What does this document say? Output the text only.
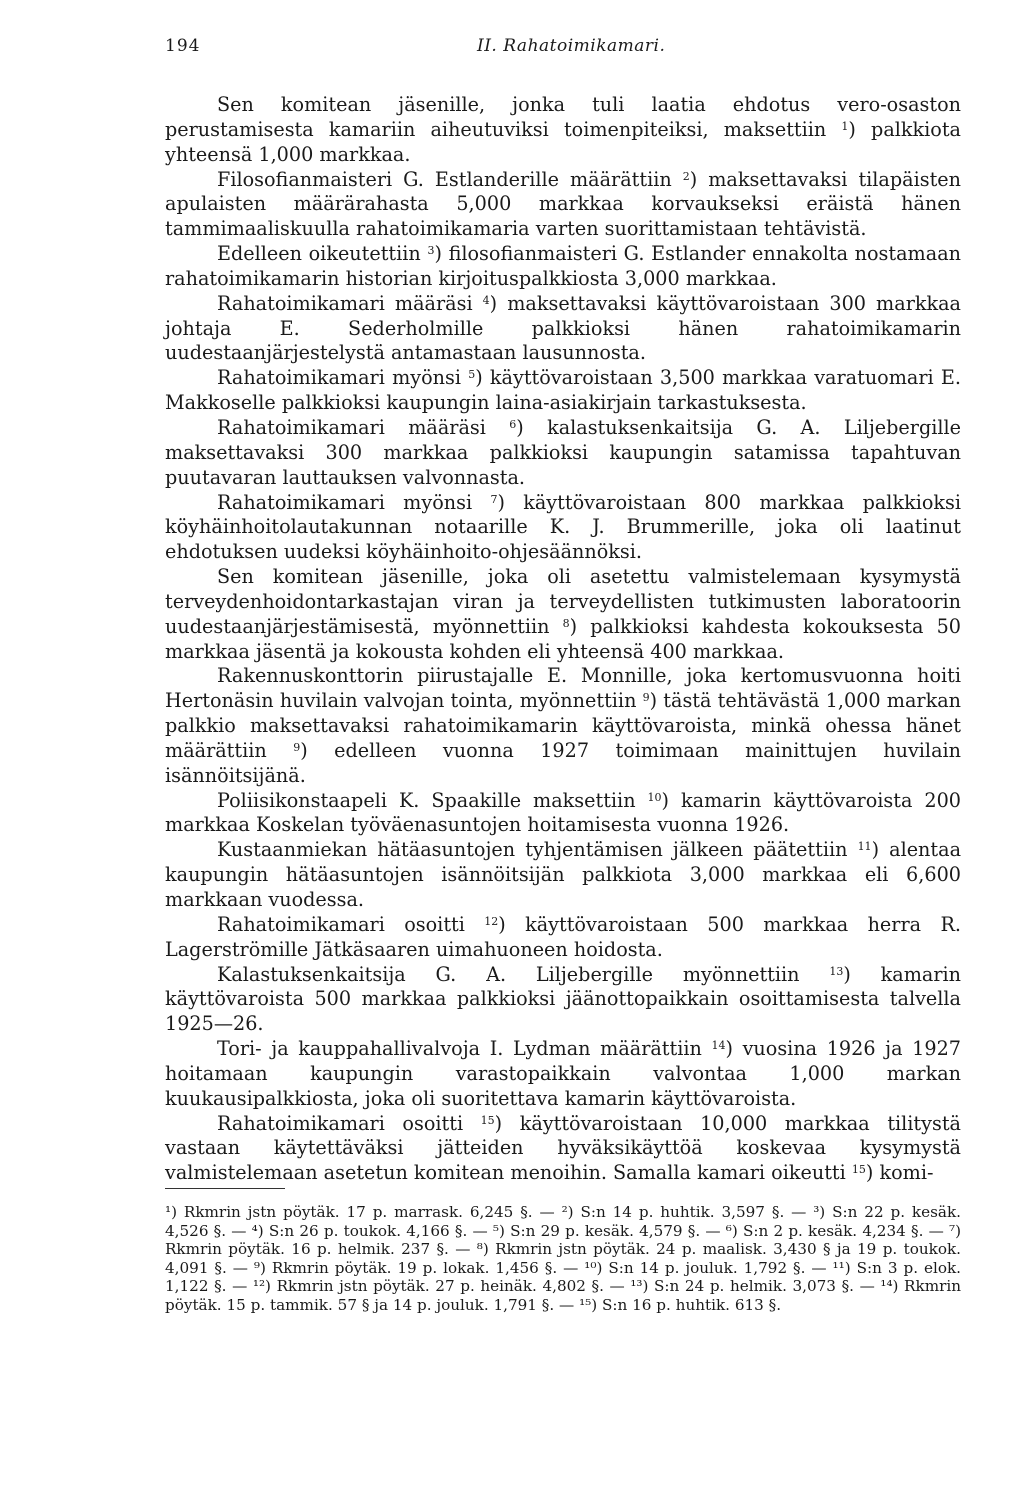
194	II. Rahatoimikamari.

Sen komitean jäsenille, jonka tuli laatia ehdotus vero-osaston perustamisesta kamariin aiheutuviksi toimenpiteiksi, maksettiin $^1$) palkkiota yhteensä 1,000 markkaa.

Filosofianmaisteri G. Estlanderille määrättiin $^2$) maksettavaksi tilapäisten apulaisten määrärahasta 5,000 markkaa korvaukseksi eräistä hänen tammimaaliskuulla rahatoimikamaria varten suorittamistaan tehtävistä.

Edelleen oikeutettiin $^3$) filosofianmaisteri G. Estlander ennakolta nostamaan rahatoimikamarin historian kirjoituspalkkiosta 3,000 markkaa.

Rahatoimikamari määräsi $^4$) maksettavaksi käyttövaroistaan 300 markkaa johtaja E. Sederholmille palkkioksi hänen rahatoimikamarin uudestaanjärjestelystä antamastaan lausunnosta.

Rahatoimikamari myönsi $^5$) käyttövaroistaan 3,500 markkaa varatuomari E. Makkoselle palkkioksi kaupungin laina-asiakirjain tarkastuksesta.

Rahatoimikamari määräsi $^6$) kalastuksenkaitsija G. A. Liljebergille maksettavaksi 300 markkaa palkkioksi kaupungin satamissa tapahtuvan puutavaran lauttauksen valvonnasta.

Rahatoimikamari myönsi $^7$) käyttövaroistaan 800 markkaa palkkioksi köyhäinhoitolautakunnan notaarille K. J. Brummerille, joka oli laatinut ehdotuksen uudeksi köyhäinhoito-ohjesäännöksi.

Sen komitean jäsenille, joka oli asetettu valmistelemaan kysymystä terveydenhoidontarkastajan viran ja terveydellisten tutkimusten laboratoorin uudestaanjärjestämisestä, myönnettiin $^8$) palkkioksi kahdesta kokouksesta 50 markkaa jäsentä ja kokousta kohden eli yhteensä 400 markkaa.

Rakennuskonttorin piirustajalle E. Monnille, joka kertomusvuonna hoiti Hertonäsin huvilain valvojan tointa, myönnettiin $^9$) tästä tehtävästä 1,000 markan palkkio maksettavaksi rahatoimikamarin käyttövaroista, minkä ohessa hänet määrättiin $^9$) edelleen vuonna 1927 toimimaan mainittujen huvilain isännöitsijänä.

Poliisikonstaapeli K. Spaakille maksettiin $^{10}$) kamarin käyttövaroista 200 markkaa Koskelan työväenasuntojen hoitamisesta vuonna 1926.

Kustaanmiekan hätäasuntojen tyhjentämisen jälkeen päätettiin $^{11}$) alentaa kaupungin hätäasuntojen isännöitsijän palkkiota 3,000 markkaa eli 6,600 markkaan vuodessa.

Rahatoimikamari osoitti $^{12}$) käyttövaroistaan 500 markkaa herra R. Lagerströmille Jätkäsaaren uimahuoneen hoidosta.

Kalastuksenkaitsija G. A. Liljebergille myönnettiin $^{13}$) kamarin käyttövaroista 500 markkaa palkkioksi jäänottopaikkain osoittamisesta talvella 1925—26.

Tori- ja kauppahallivalvoja I. Lydman määrättiin $^{14}$) vuosina 1926 ja 1927 hoitamaan kaupungin varastopaikkain valvontaa 1,000 markan kuukausipalkkiosta, joka oli suoritettava kamarin käyttövaroista.

Rahatoimikamari osoitti $^{15}$) käyttövaroistaan 10,000 markkaa tilitystä vastaan käytettäväksi jätteiden hyväksikäyttöä koskevaa kysymystä valmistelemaan asetetun komitean menoihin. Samalla kamari oikeutti $^{15}$) komi-

¹) Rkmrin jstn pöytäk. 17 p. marrask. 6,245 §. — ²) S:n 14 p. huhtik. 3,597 §. — ³) S:n 22 p. kesäk. 4,526 §. — ⁴) S:n 26 p. toukok. 4,166 §. — ⁵) S:n 29 p. kesäk. 4,579 §. — ⁶) S:n 2 p. kesäk. 4,234 §. — ⁷) Rkmrin pöytäk. 16 p. helmik. 237 §. — ⁸) Rkmrin jstn pöytäk. 24 p. maalisk. 3,430 § ja 19 p. toukok. 4,091 §. — ⁹) Rkmrin pöytäk. 19 p. lokak. 1,456 §. — ¹⁰) S:n 14 p. jouluk. 1,792 §. — ¹¹) S:n 3 p. elok. 1,122 §. — ¹²) Rkmrin jstn pöytäk. 27 p. heinäk. 4,802 §. — ¹³) S:n 24 p. helmik. 3,073 §. — ¹⁴) Rkmrin pöytäk. 15 p. tammik. 57 § ja 14 p. jouluk. 1,791 §. — ¹⁵) S:n 16 p. huhtik. 613 §.
